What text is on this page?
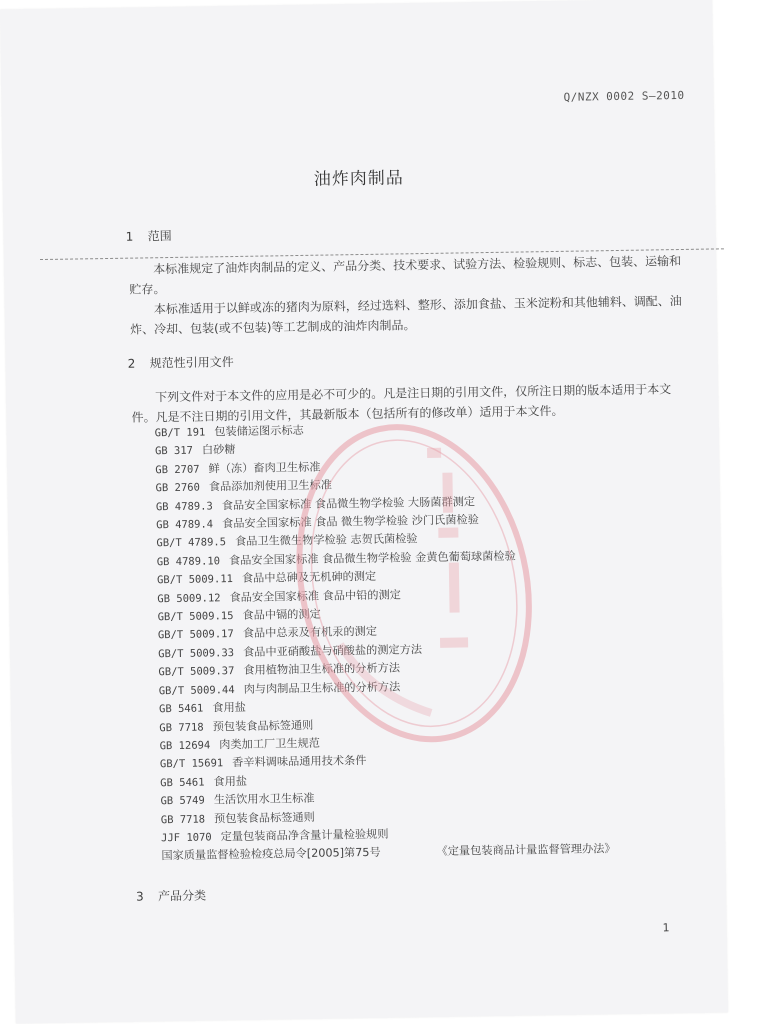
Q/NZX 0002 S—2010
油炸肉制品
1 范围

本标准规定了油炸肉制品的定义、产品分类、技术要求、试验方法、检验规则、标志、包装、运输和贮存。

本标准适用于以鲜或冻的猪肉为原料，经过选料、整形、添加食盐、玉米淀粉和其他辅料、调配、油炸、冷却、包装(或不包装)等工艺制成的油炸肉制品。

2 规范性引用文件

下列文件对于本文件的应用是必不可少的。凡是注日期的引用文件，仅所注日期的版本适用于本文件。凡是不注日期的引用文件，其最新版本（包括所有的修改单）适用于本文件。

GB/T 191 包装储运图示标志
GB 317 白砂糖
GB 2707 鲜（冻）畜肉卫生标准
GB 2760 食品添加剂使用卫生标准
GB 4789.3 食品安全国家标准 食品微生物学检验 大肠菌群测定
GB 4789.4 食品安全国家标准 食品 微生物学检验 沙门氏菌检验
GB/T 4789.5 食品卫生微生物学检验 志贺氏菌检验
GB 4789.10 食品安全国家标准 食品微生物学检验 金黄色葡萄球菌检验
GB/T 5009.11 食品中总砷及无机砷的测定
GB 5009.12 食品安全国家标准 食品中铅的测定
GB/T 5009.15 食品中镉的测定
GB/T 5009.17 食品中总汞及有机汞的测定
GB/T 5009.33 食品中亚硝酸盐与硝酸盐的测定方法
GB/T 5009.37 食用植物油卫生标准的分析方法
GB/T 5009.44 肉与肉制品卫生标准的分析方法
GB 5461 食用盐
GB 7718 预包装食品标签通则
GB 12694 肉类加工厂卫生规范
GB/T 15691 香辛料调味品通用技术条件
GB 5461 食用盐
GB 5749 生活饮用水卫生标准
GB 7718 预包装食品标签通则
JJF 1070 定量包装商品净含量计量检验规则
国家质量监督检验检疫总局令[2005]第75号	《定量包装商品计量监督管理办法》
3 产品分类
1
